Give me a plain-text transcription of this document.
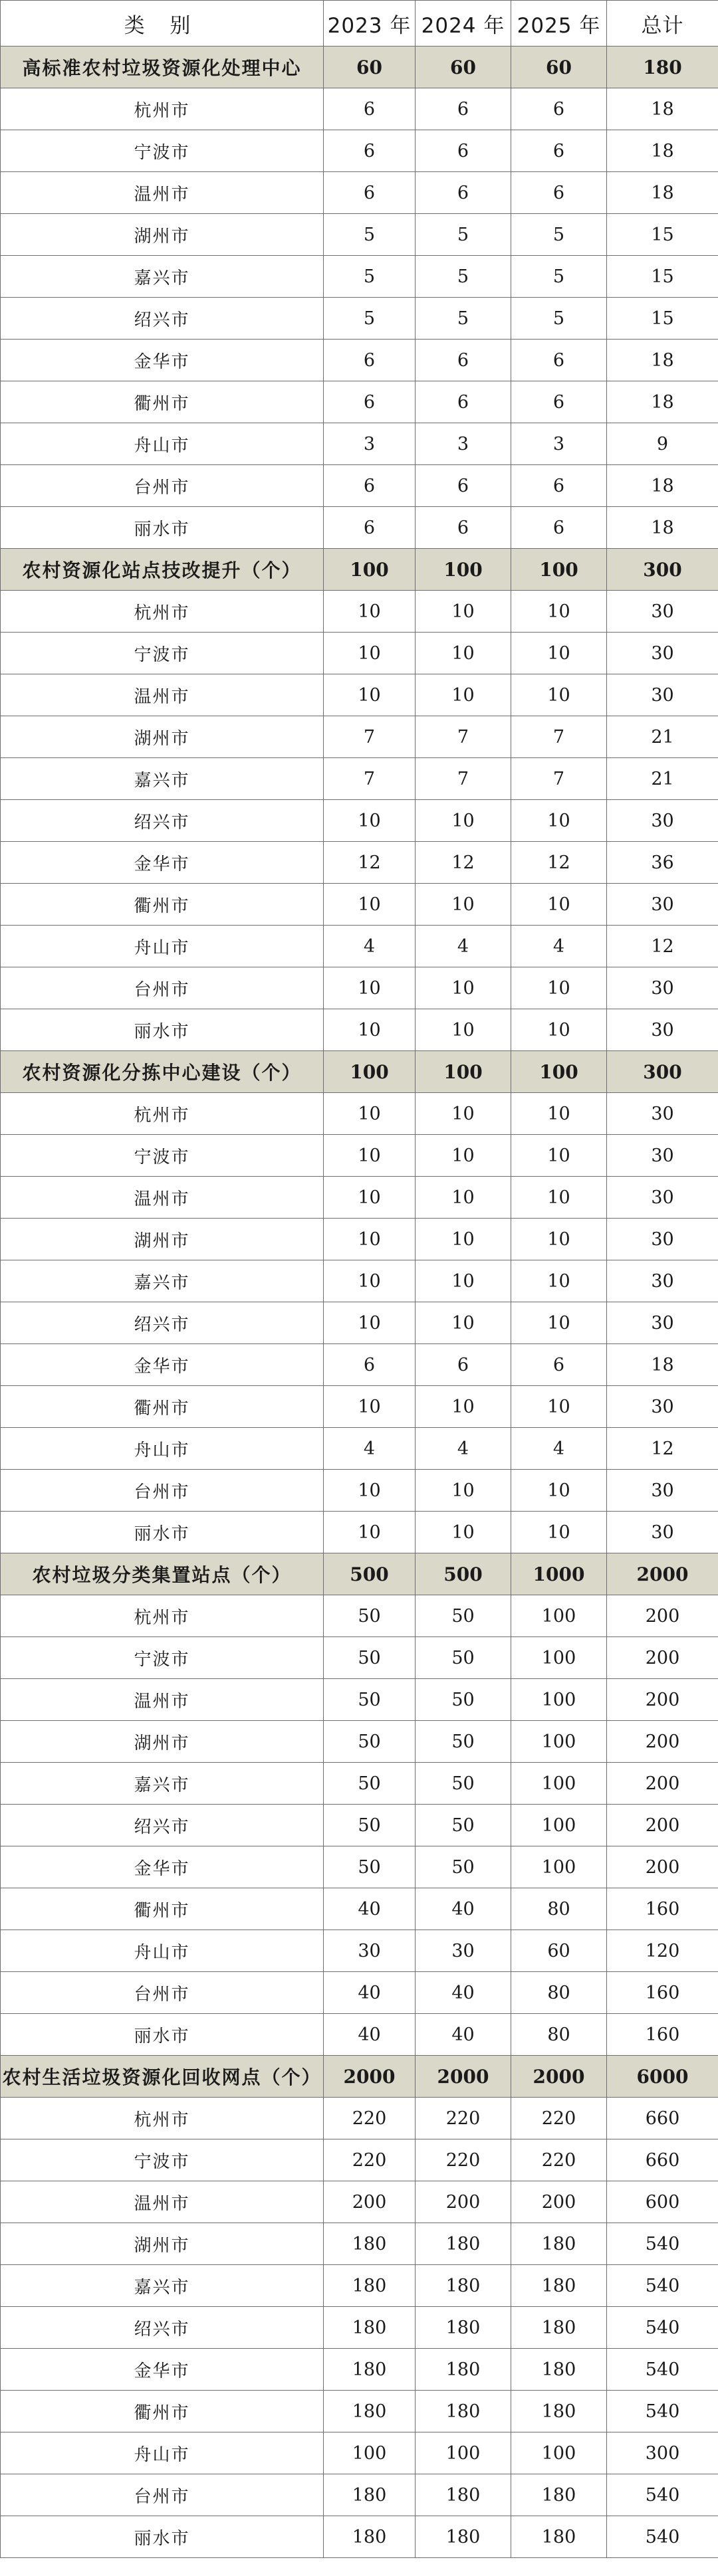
类 别	2023 年	2024 年	2025 年	总计
高标准农村垃圾资源化处理中心	60	60	60	180
杭州市	6	6	6	18
宁波市	6	6	6	18
温州市	6	6	6	18
湖州市	5	5	5	15
嘉兴市	5	5	5	15
绍兴市	5	5	5	15
金华市	6	6	6	18
衢州市	6	6	6	18
舟山市	3	3	3	9
台州市	6	6	6	18
丽水市	6	6	6	18
农村资源化站点技改提升（个）	100	100	100	300
杭州市	10	10	10	30
宁波市	10	10	10	30
温州市	10	10	10	30
湖州市	7	7	7	21
嘉兴市	7	7	7	21
绍兴市	10	10	10	30
金华市	12	12	12	36
衢州市	10	10	10	30
舟山市	4	4	4	12
台州市	10	10	10	30
丽水市	10	10	10	30
农村资源化分拣中心建设（个）	100	100	100	300
杭州市	10	10	10	30
宁波市	10	10	10	30
温州市	10	10	10	30
湖州市	10	10	10	30
嘉兴市	10	10	10	30
绍兴市	10	10	10	30
金华市	6	6	6	18
衢州市	10	10	10	30
舟山市	4	4	4	12
台州市	10	10	10	30
丽水市	10	10	10	30
农村垃圾分类集置站点（个）	500	500	1000	2000
杭州市	50	50	100	200
宁波市	50	50	100	200
温州市	50	50	100	200
湖州市	50	50	100	200
嘉兴市	50	50	100	200
绍兴市	50	50	100	200
金华市	50	50	100	200
衢州市	40	40	80	160
舟山市	30	30	60	120
台州市	40	40	80	160
丽水市	40	40	80	160
农村生活垃圾资源化回收网点（个）	2000	2000	2000	6000
杭州市	220	220	220	660
宁波市	220	220	220	660
温州市	200	200	200	600
湖州市	180	180	180	540
嘉兴市	180	180	180	540
绍兴市	180	180	180	540
金华市	180	180	180	540
衢州市	180	180	180	540
舟山市	100	100	100	300
台州市	180	180	180	540
丽水市	180	180	180	540
